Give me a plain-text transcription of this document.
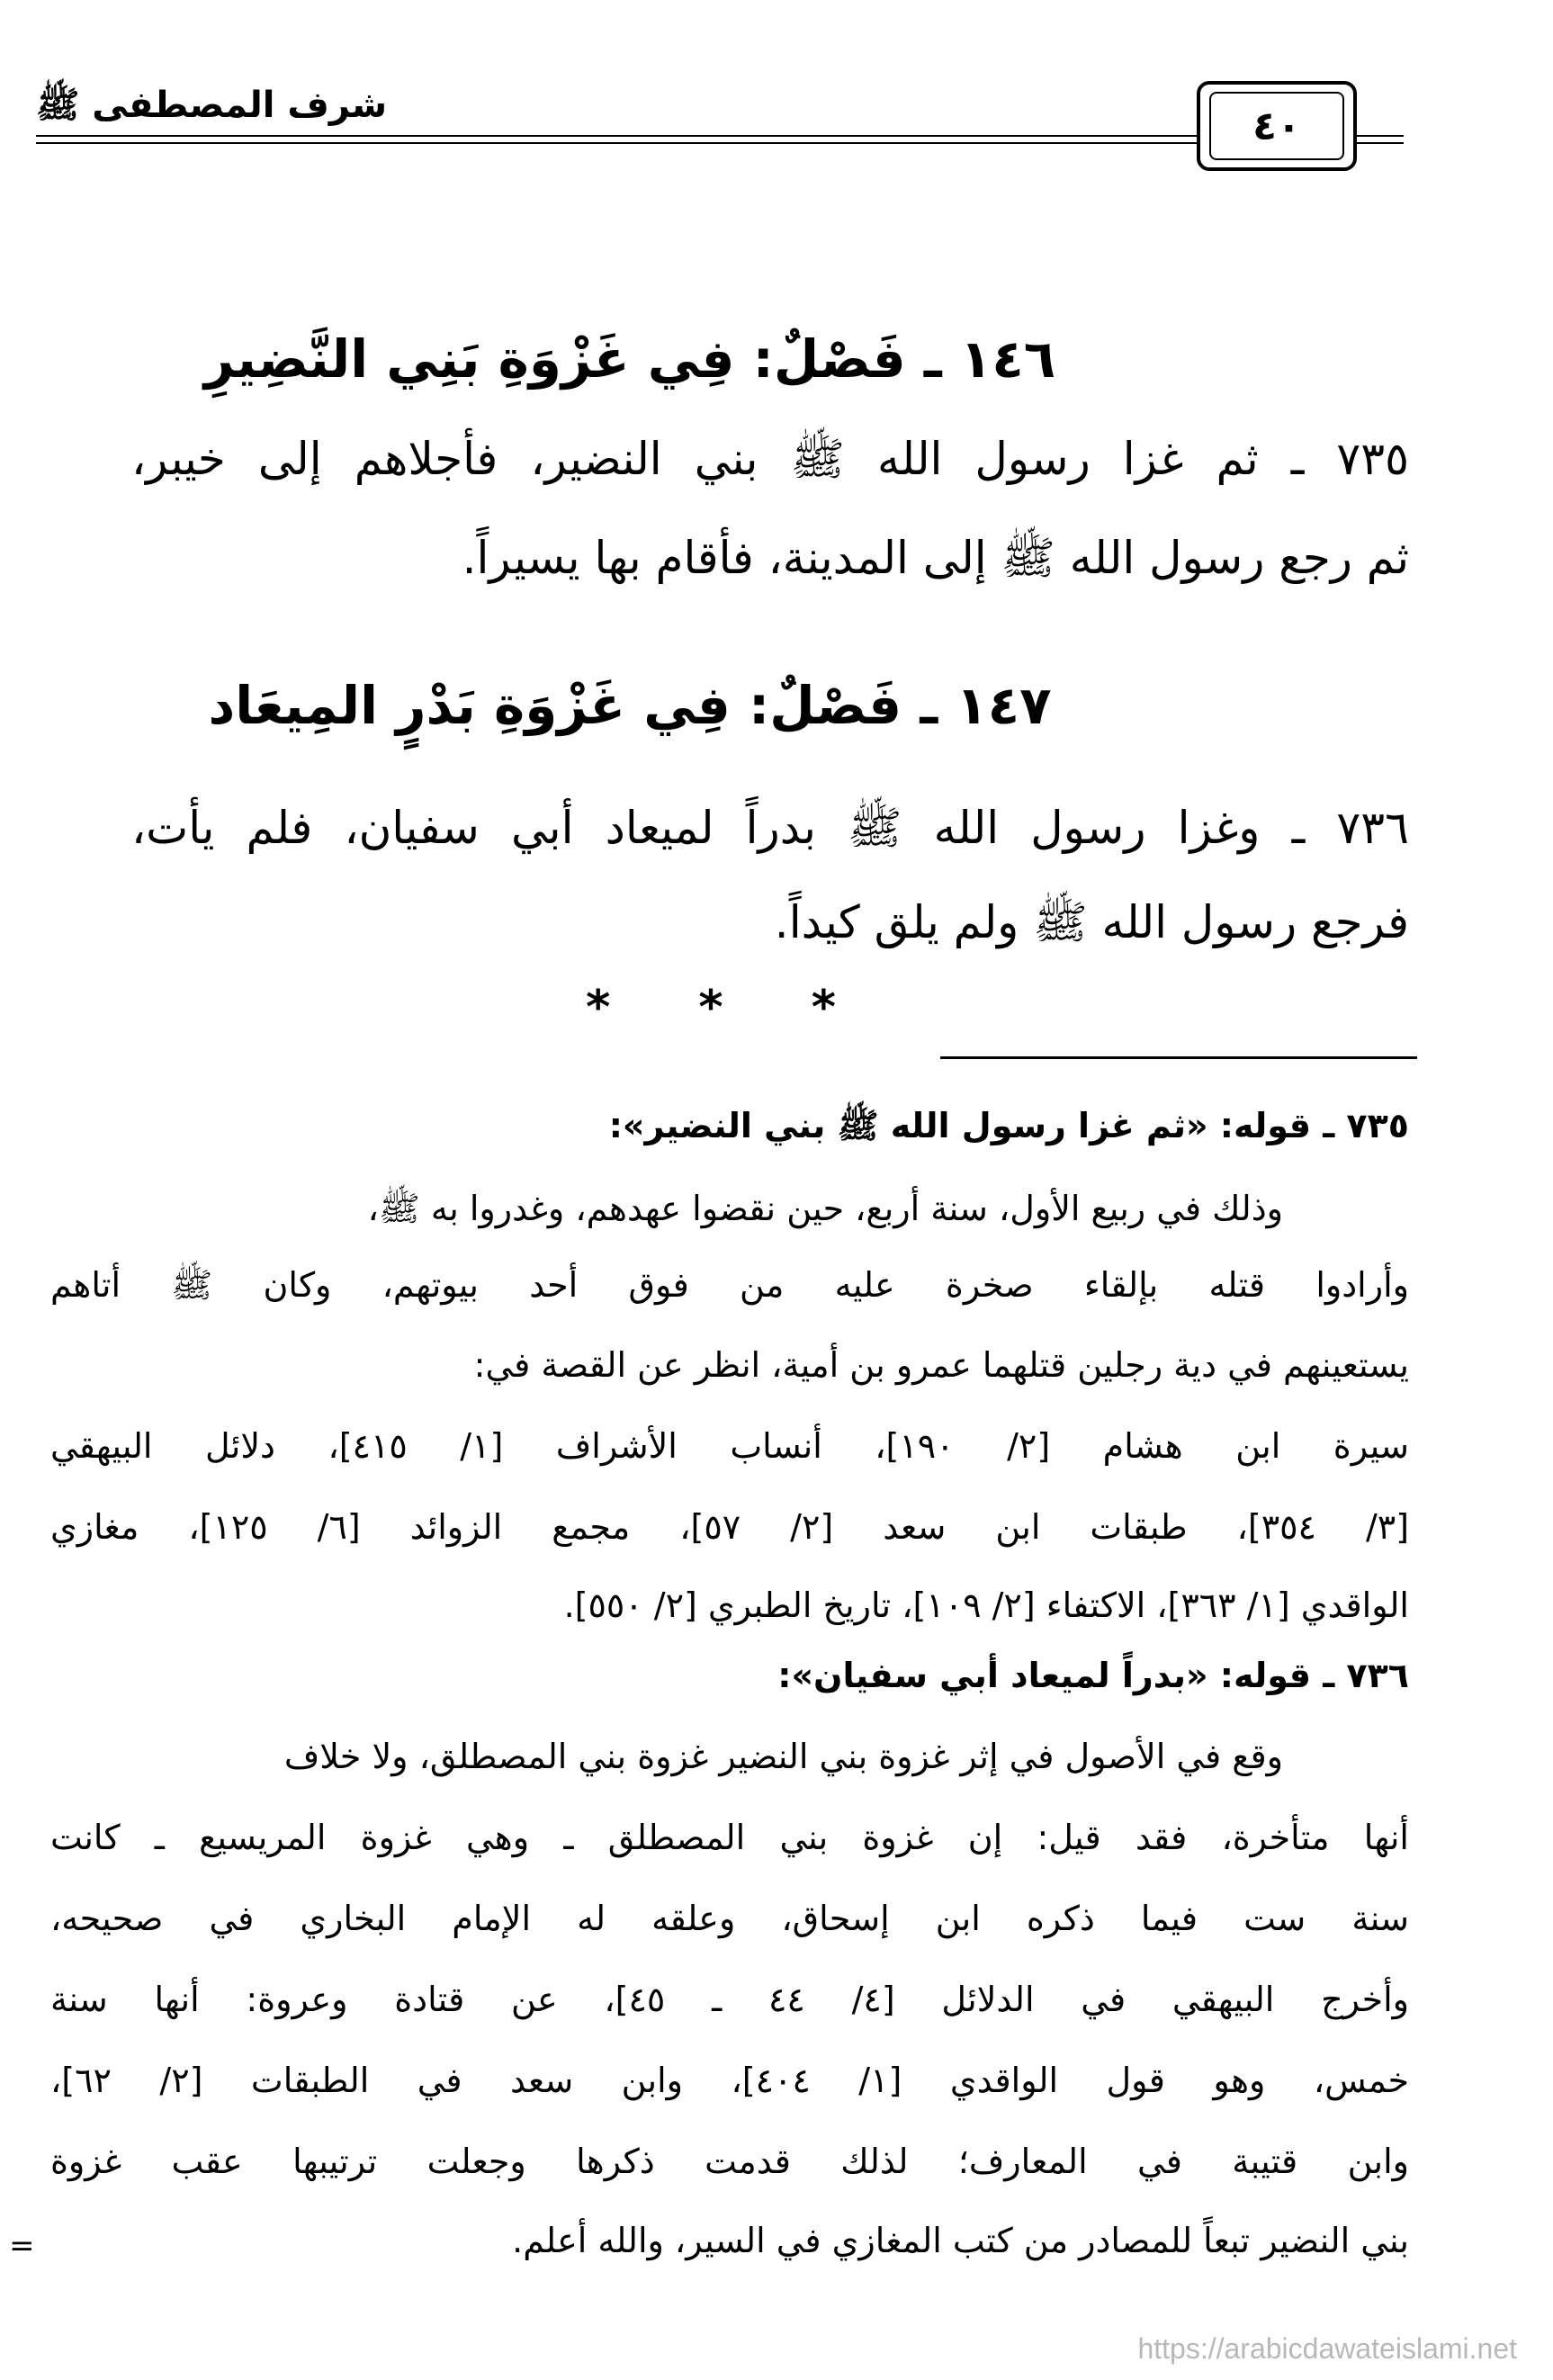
شرف المصطفى ﷺ	٤٠
١٤٦ ـ فَصْلٌ: فِي غَزْوَةِ بَنِي النَّضِيرِ
٧٣٥ ـ ثم غزا رسول الله ﷺ بني النضير، فأجلاهم إلى خيبر،
ثم رجع رسول الله ﷺ إلى المدينة، فأقام بها يسيراً.
١٤٧ ـ فَصْلٌ: فِي غَزْوَةِ بَدْرٍ المِيعَاد
٧٣٦ ـ وغزا رسول الله ﷺ بدراً لميعاد أبي سفيان، فلم يأت،
فرجع رسول الله ﷺ ولم يلق كيداً.
* * *
٧٣٥ ـ قوله: «ثم غزا رسول الله ﷺ بني النضير»:
وذلك في ربيع الأول، سنة أربع، حين نقضوا عهدهم، وغدروا به ﷺ،
وأرادوا قتله بإلقاء صخرة عليه من فوق أحد بيوتهم، وكان ﷺ أتاهم
يستعينهم في دية رجلين قتلهما عمرو بن أمية، انظر عن القصة في:
سيرة ابن هشام [٢/ ١٩٠]، أنساب الأشراف [١/ ٤١٥]، دلائل البيهقي
[٣/ ٣٥٤]، طبقات ابن سعد [٢/ ٥٧]، مجمع الزوائد [٦/ ١٢٥]، مغازي
الواقدي [١/ ٣٦٣]، الاكتفاء [٢/ ١٠٩]، تاريخ الطبري [٢/ ٥٥٠].
٧٣٦ ـ قوله: «بدراً لميعاد أبي سفيان»:
وقع في الأصول في إثر غزوة بني النضير غزوة بني المصطلق، ولا خلاف
أنها متأخرة، فقد قيل: إن غزوة بني المصطلق ـ وهي غزوة المريسيع ـ كانت
سنة ست فيما ذكره ابن إسحاق، وعلقه له الإمام البخاري في صحيحه،
وأخرج البيهقي في الدلائل [٤/ ٤٤ ـ ٤٥]، عن قتادة وعروة: أنها سنة
خمس، وهو قول الواقدي [١/ ٤٠٤]، وابن سعد في الطبقات [٢/ ٦٢]،
وابن قتيبة في المعارف؛ لذلك قدمت ذكرها وجعلت ترتيبها عقب غزوة
بني النضير تبعاً للمصادر من كتب المغازي في السير، والله أعلم.
=
https://arabicdawateislami.net
